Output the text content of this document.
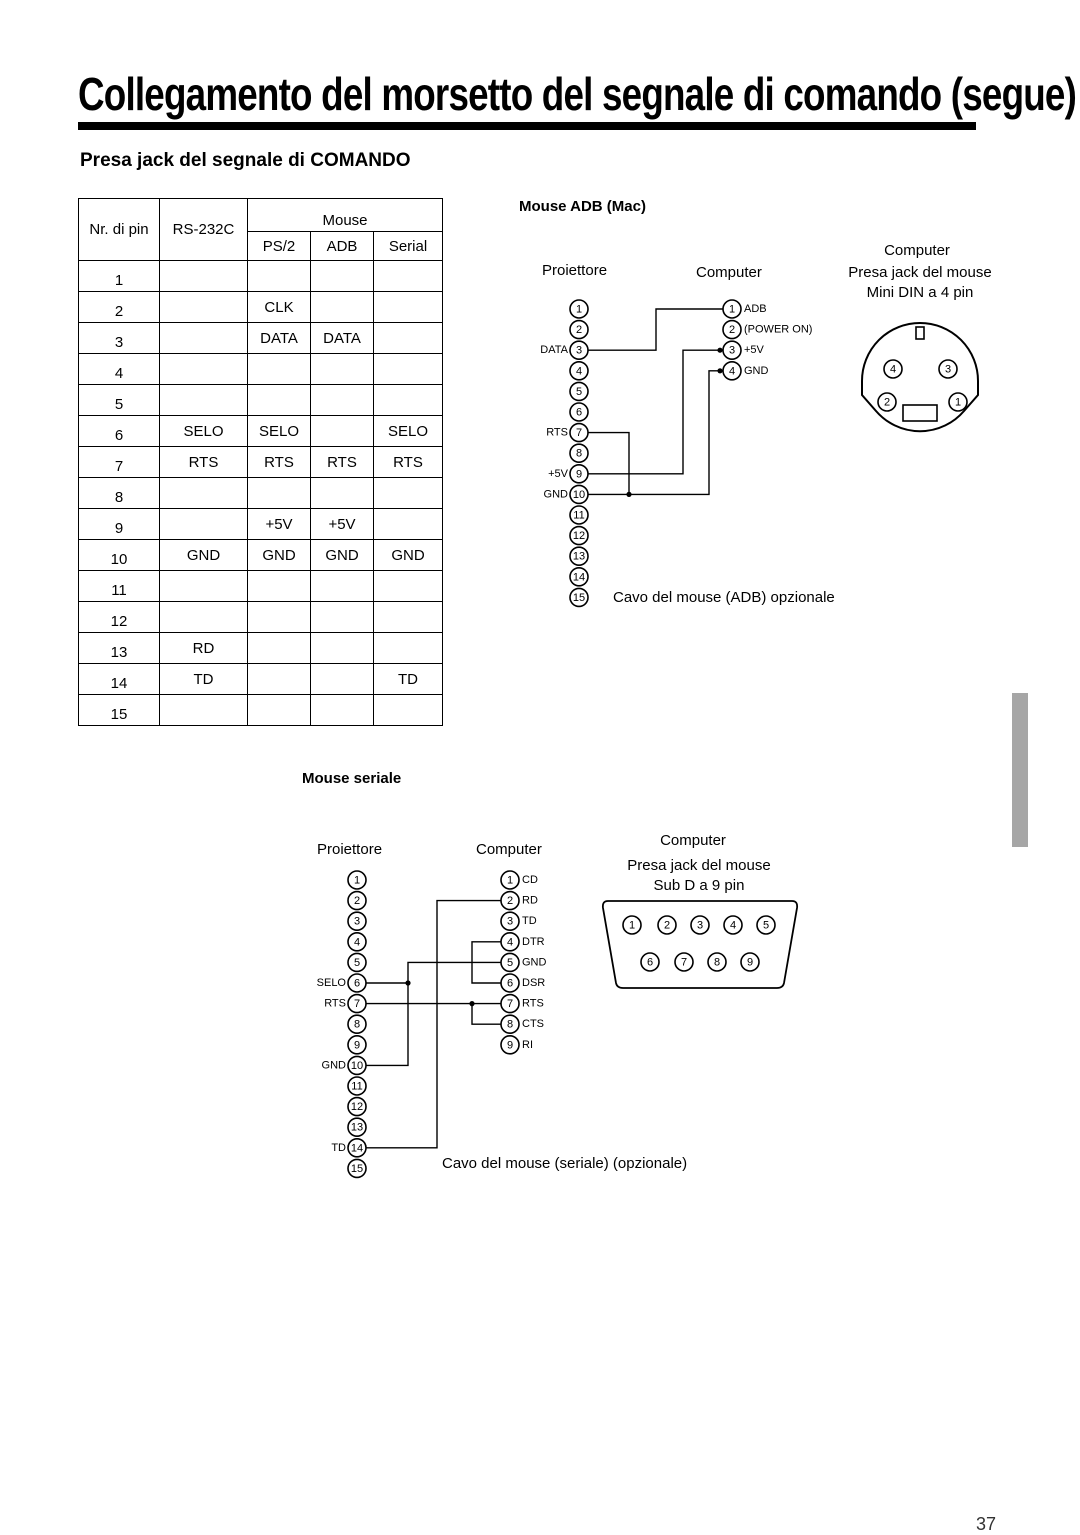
Collegamento del morsetto del segnale di comando (segue)
Presa jack del segnale di COMANDO
Nr. di pin	RS-232C	Mouse		
		PS/2	ADB	Serial
1				
2		CLK		
3		DATA	DATA	
4				
5				
6	SELO	SELO		SELO
7	RTS	RTS	RTS	RTS
8				
9		+5V	+5V	
10	GND	GND	GND	GND
11				
12				
13	RD			
14	TD			TD
15				
Mouse ADB (Mac)
Proiettore	Computer
Computer
Presa jack del mouse
Mini DIN a 4 pin
Cavo del mouse (ADB) opzionale
Mouse seriale
Proiettore	Computer
Computer
Presa jack del mouse
Sub D a 9 pin
Cavo del mouse (seriale) (opzionale)
1
2
3
4
5
6
7
8
9
10
11
12
13
14
15
DATA
RTS
+5V
GND
1
2
3
4
ADB
(POWER ON)
+5V
GND
1
2
3
4
1
2
3
4
5
6
7
8
9
10
11
12
13
14
15
SELO
RTS
GND
TD
1
2
3
4
5
6
7
8
9
CD
RD
TD
DTR
GND
DSR
RTS
CTS
RI
1	2 3 4 5
6	7 8 9
37
